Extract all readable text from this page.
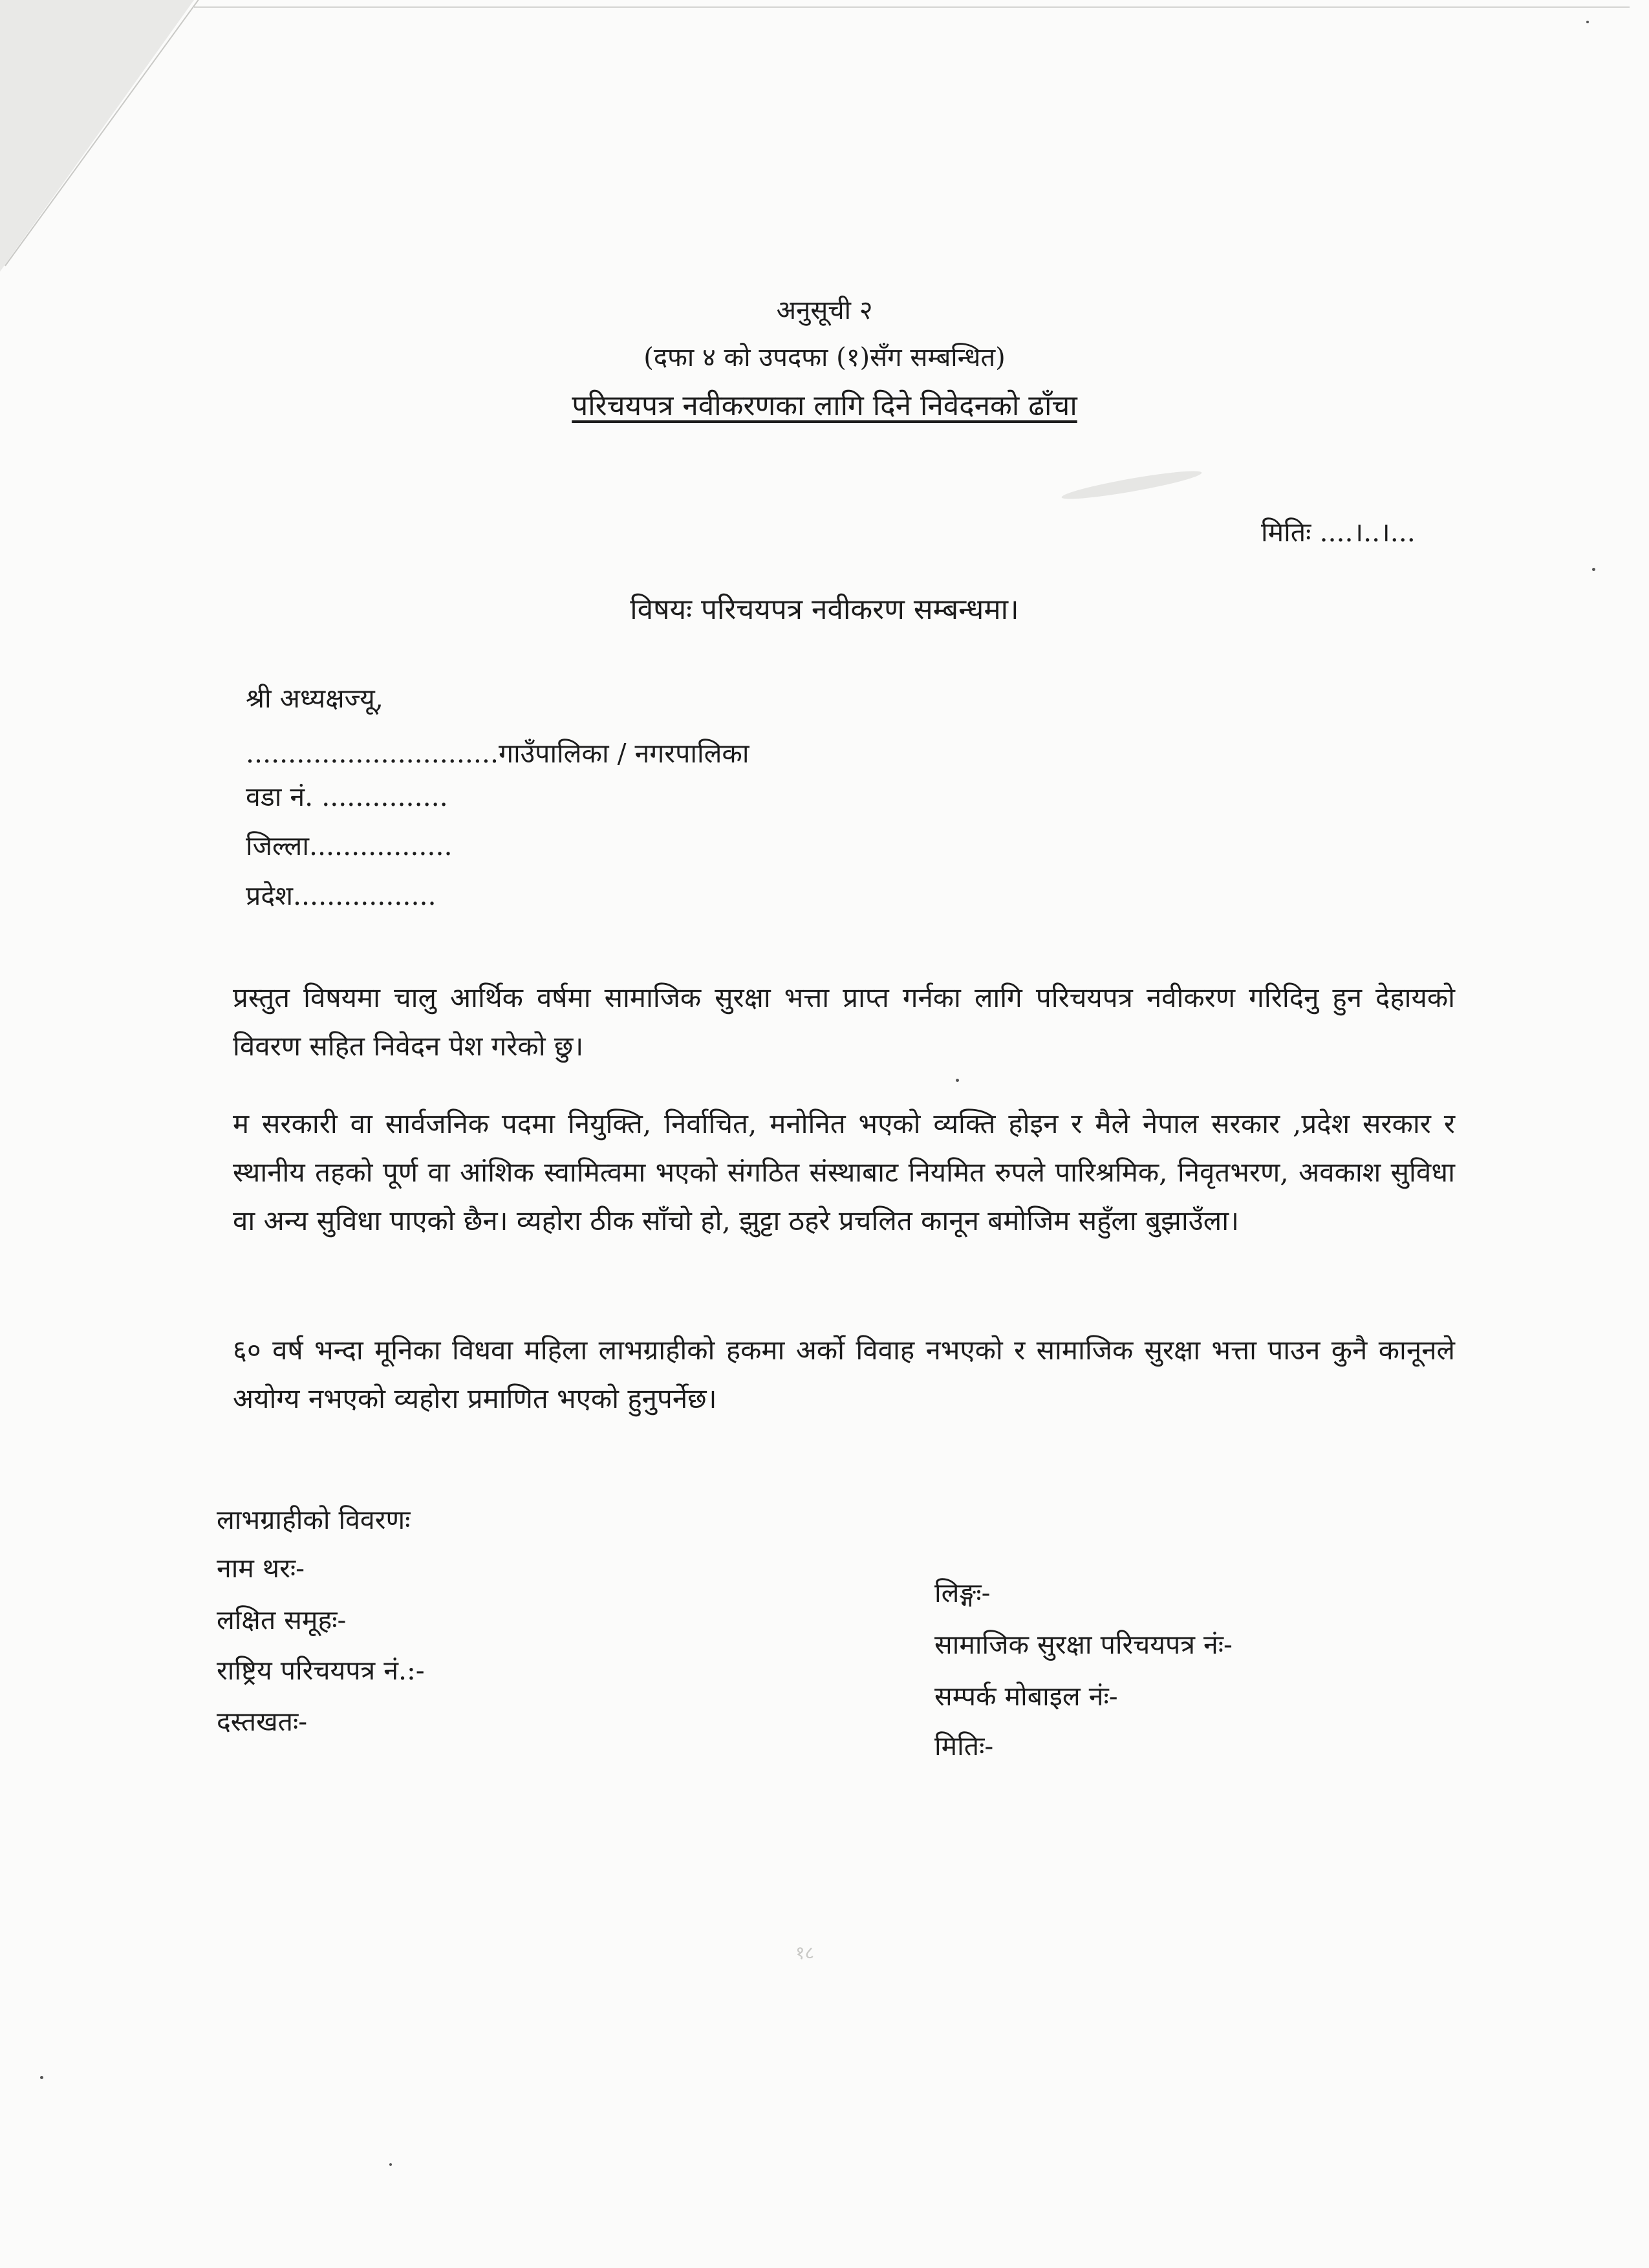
अनुसूची २
(दफा ४ को उपदफा (१)सँग सम्बन्धित)
परिचयपत्र नवीकरणका लागि दिने निवेदनको ढाँचा
मितिः ....।..।...
विषयः परिचयपत्र नवीकरण सम्बन्धमा।
श्री अध्यक्षज्यू,
..............................गाउँपालिका / नगरपालिका
वडा नं. ...............
जिल्ला.................
प्रदेश.................
प्रस्तुत विषयमा चालु आर्थिक वर्षमा सामाजिक सुरक्षा भत्ता प्राप्त गर्नका लागि परिचयपत्र नवीकरण गरिदिनु हुन देहायको विवरण सहित निवेदन पेश गरेको छु।
म सरकारी वा सार्वजनिक पदमा नियुक्ति, निर्वाचित, मनोनित भएको व्यक्ति होइन र मैले नेपाल सरकार ,प्रदेश सरकार र स्थानीय तहको पूर्ण वा आंशिक स्वामित्वमा भएको संगठित संस्थाबाट नियमित रुपले पारिश्रमिक, निवृतभरण, अवकाश सुविधा वा अन्य सुविधा पाएको छैन। व्यहोरा ठीक साँचो हो, झुट्टा ठहरे प्रचलित कानून बमोजिम सहुँला बुझाउँला।
६० वर्ष भन्दा मूनिका विधवा महिला लाभग्राहीको हकमा अर्को विवाह नभएको र सामाजिक सुरक्षा भत्ता पाउन कुनै कानूनले अयोग्य नभएको व्यहोरा प्रमाणित भएको हुनुपर्नेछ।
लाभग्राहीको विवरणः
नाम थरः-
लक्षित समूहः-
राष्ट्रिय परिचयपत्र नं.:-
दस्तखतः-
लिङ्गः-
सामाजिक सुरक्षा परिचयपत्र नंः-
सम्पर्क मोबाइल नंः-
मितिः-
१८
